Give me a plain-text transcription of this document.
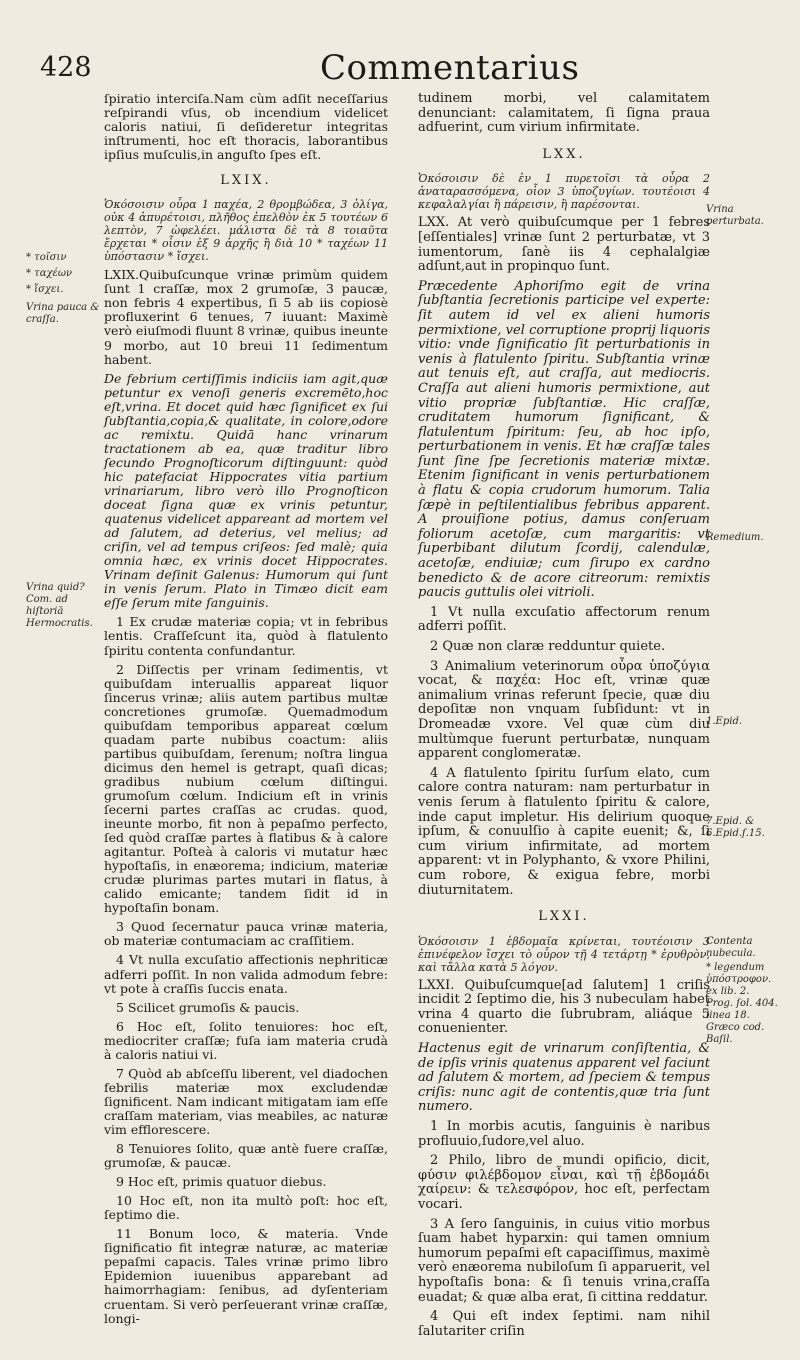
428	Commentarius

ſpiratio interciſa.Nam cùm adſit neceſſarius reſpirandi vſus, ob incendium videlicet caloris natiui, ſi deſideretur integritas inſtrumenti, hoc eſt thoracis, laborantibus ipſius muſculis,in anguſto ſpes eſt.

LXIX.

Ὁκόσοισιν οὖρα 1 παχέα, 2 θρομβώδεα, 3 ὀλίγα, οὐκ 4 ἀπυρέτοισι, πλῆθος ἐπελθὸν ἐκ 5 τουτέων 6 λεπτὸν, 7 ὠφελέει. μάλιστα δὲ τὰ 8 τοιαῦτα ἔρχεται * οἷσιν ἐξ 9 ἀρχῆς ἢ διὰ 10 * ταχέων 11 ὑπόστασιν * ἴσχει.

LXIX.Quibuſcunque vrinæ primùm quidem ſunt 1 craſſæ, mox 2 grumoſæ, 3 paucæ, non febris 4 expertibus, ſi 5 ab iis copiosè profluxerint 6 tenues, 7 iuuant: Maximè verò eiuſmodi fluunt 8 vrinæ, quibus ineunte 9 morbo, aut 10 breui 11 ſedimentum habent.

De febrium certiſſimis indiciis iam agit,quæ petuntur ex venoſi generis excremēto,hoc eſt,vrina. Et docet quid hæc ſignificet ex ſui ſubſtantia,copia,& qualitate, in colore,odore ac remixtu. Quidā hanc vrinarum tractationem ab ea, quæ traditur libro ſecundo Prognoſticorum diſtinguunt: quòd hic patefaciat Hippocrates vitia partium vrinariarum, libro verò illo Prognoſticon doceat ſigna quæ ex vrinis petuntur, quatenus videlicet appareant ad mortem vel ad ſalutem, ad deterius, vel melius; ad criſin, vel ad tempus criſeos: ſed malè; quia omnia hæc, ex vrinis docet Hippocrates. Vrinam deſinit Galenus: Humorum qui ſunt in venis ſerum. Plato in Timæo dicit eam eſſe ſerum mite ſanguinis.

1 Ex crudæ materiæ copia; vt in febribus lentis. Craſſeſcunt ita, quòd à flatulento ſpiritu contenta confundantur.

2 Diſſectis per vrinam ſedimentis, vt quibuſdam interuallis appareat liquor ſincerus vrinæ; aliis autem partibus multæ concretiones grumoſæ. Quemadmodum quibuſdam temporibus appareat cœlum quadam parte nubibus coactum: aliis partibus quibuſdam, ſerenum; noſtra lingua dicimus den hemel is getrapt, quaſi dicas; gradibus nubium cœlum diſtingui. grumoſum cœlum. Indicium eſt in vrinis ſecerni partes craſſas ac crudas. quod, ineunte morbo, fit non à pepaſmo perfecto, ſed quòd craſſæ partes à flatibus & à calore agitantur. Poſteà à caloris vi mutatur hæc hypoſtaſis, in enæorema; indicium, materiæ crudæ plurimas partes mutari in flatus, à calido emicante; tandem ſidit id in hypoſtaſin bonam.

3 Quod ſecernatur pauca vrinæ materia, ob materiæ contumaciam ac craſſitiem.

4 Vt nulla excuſatio affectionis nephriticæ adferri poſſit. In non valida admodum febre: vt pote à craſſis ſuccis enata.

5 Scilicet grumoſis & paucis.

6 Hoc eſt, ſolito tenuiores: hoc eſt, mediocriter craſſæ; fuſa iam materia crudà à caloris natiui vi.

7 Quòd ab abſceſſu liberent, vel diadochen febrilis materiæ mox excludendæ ſignificent. Nam indicant mitigatam iam eſſe craſſam materiam, vias meabiles, ac naturæ vim efflorescere.

8 Tenuiores ſolito, quæ antè fuere craſſæ, grumoſæ, & paucæ.

9 Hoc eſt, primis quatuor diebus.

10 Hoc eſt, non ita multò poſt: hoc eſt, ſeptimo die.

11 Bonum loco, & materia. Vnde ſignificatio fit integræ naturæ, ac materiæ pepaſmi capacis. Tales vrinæ primo libro Epidemion iuuenibus apparebant ad haimorrhagiam: ſenibus, ad dyſenteriam cruentam. Si verò perſeuerant vrinæ craſſæ, longi-

tudinem morbi, vel calamitatem denunciant: calamitatem, ſi ſigna praua adfuerint, cum virium infirmitate.

LXX.

Ὁκόσοισιν δὲ ἐν 1 πυρετοῖσι τὰ οὖρα 2 ἀναταρασσόμενα, οἷον 3 ὑποζυγίων. τουτέοισι 4 κεφαλαλγίαι ἢ πάρεισιν, ἢ παρέσονται.

LXX. At verò quibuſcumque per 1 febres [eſſentiales] vrinæ ſunt 2 perturbatæ, vt 3 iumentorum, ſanè iis 4 cephalalgiæ adſunt,aut in propinquo ſunt.

Præcedente Aphoriſmo egit de vrina ſubſtantia ſecretionis participe vel experte: ſit autem id vel ex alieni humoris permixtione, vel corruptione proprij liquoris vitio: vnde ſignificatio ſit perturbationis in venis à flatulento ſpiritu. Subſtantia vrinæ aut tenuis eſt, aut craſſa, aut mediocris. Craſſa aut alieni humoris permixtione, aut vitio propriæ ſubſtantiæ. Hic craſſæ, cruditatem humorum ſignificant, & flatulentum ſpiritum: ſeu, ab hoc ipſo, perturbationem in venis. Et hæ craſſæ tales ſunt ſine ſpe ſecretionis materiæ mixtæ. Etenim ſignificant in venis perturbationem à flatu & copia crudorum humorum. Talia ſæpè in peſtilentialibus febribus apparent. A prouiſione potius, damus conſeruam foliorum acetoſæ, cum margaritis: vt ſuperbibant dilutum ſcordij, calendulæ, acetoſæ, endiuiæ; cum ſirupo ex cardno benedicto & de acore citreorum: remixtis paucis guttulis olei vitrioli.

1 Vt nulla excuſatio affectorum renum adferri poſſit.

2 Quæ non claræ redduntur quiete.

3 Animalium veterinorum οὖρα ὑποζύγια vocat, & παχέα: Hoc eſt, vrinæ quæ animalium vrinas referunt ſpecie, quæ diu depoſitæ non vnquam ſubſidunt: vt in Dromeadæ vxore. Vel quæ cùm diu multùmque fuerunt perturbatæ, nunquam apparent conglomeratæ.

4 A flatulento ſpiritu ſurſum elato, cum calore contra naturam: nam perturbatur in venis ſerum à flatulento ſpiritu & calore, inde caput impletur. His delirium quoque ipſum, & conuulſio à capite euenit; &, ſi cum virium infirmitate, ad mortem apparent: vt in Polyphanto, & vxore Philini, cum robore, & exigua febre, morbi diuturnitatem.

LXXI.

Ὁκόσοισιν 1 ἑβδομαῖα κρίνεται, τουτέοισιν 3 ἐπινέφελον ἴσχει τὸ οὖρον τῇ 4 τετάρτῃ * ἐρυθρὸν, καὶ τἄλλα κατὰ 5 λόγον.

LXXI. Quibuſcumque[ad ſalutem] 1 criſis incidit 2 ſeptimo die, his 3 nubeculam habet vrina 4 quarto die ſubrubram, aliáque 5 conuenienter.

Hactenus egit de vrinarum conſiſtentia, & de ipſis vrinis quatenus apparent vel faciunt ad ſalutem & mortem, ad ſpeciem & tempus criſis: nunc agit de contentis,quæ tria ſunt numero.

1 In morbis acutis, ſanguinis è naribus profluuio,ſudore,vel aluo.

2 Philo, libro de mundi opificio, dicit, φύσιν φιλέβδομον εἶναι, καὶ τῇ ἑβδομάδι χαίρειν: & τελεσφόρον, hoc eſt, perfectam vocari.

3 A ſero ſanguinis, in cuius vitio morbus ſuam habet hyparxin: qui tamen omnium humorum pepaſmi eſt capaciſſimus, maximè verò enæorema nubiloſum ſi apparuerit, vel hypoſtaſis bona: & ſi tenuis vrina,craſſa euadat; & quæ alba erat, ſi cittina reddatur.

4 Qui eſt index ſeptimi. nam nihil ſalutariter criſin

* τοῖσιν
* ταχέων
* ἴσχει.
Vrina pauca & craſſa.
Vrina quid? Com. ad hiſtoriā Hermocratis.
Vrina perturbata.
Remedium.
1.Epid.
7.Epid. & 6.Epid.ſ.15.
Contenta nubecula.
* legendum ὑπόστροφον. ex lib. 2. Prog. ſol. 404. linea 18. Græco cod. Baſil.
